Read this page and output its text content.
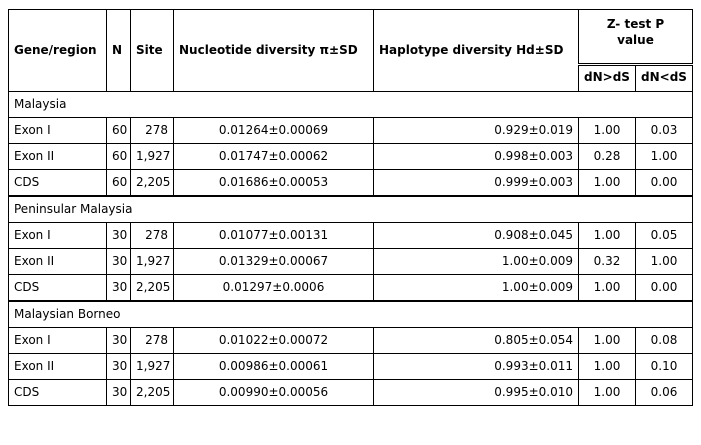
Gene/region	N	Site	Nucleotide diversity π±SD	Haplotype diversity Hd±SD	Z- test P value	

					dN>dS	dN<dS
Malaysia						
Exon I	60	278	0.01264±0.00069	0.929±0.019	1.00	0.03
Exon II	60	1,927	0.01747±0.00062	0.998±0.003	0.28	1.00
CDS	60	2,205	0.01686±0.00053	0.999±0.003	1.00	0.00

Peninsular Malaysia						
Exon I	30	278	0.01077±0.00131	0.908±0.045	1.00	0.05
Exon II	30	1,927	0.01329±0.00067	1.00±0.009	0.32	1.00
CDS	30	2,205	0.01297±0.0006	1.00±0.009	1.00	0.00

Malaysian Borneo						
Exon I	30	278	0.01022±0.00072	0.805±0.054	1.00	0.08
Exon II	30	1,927	0.00986±0.00061	0.993±0.011	1.00	0.10
CDS	30	2,205	0.00990±0.00056	0.995±0.010	1.00	0.06
